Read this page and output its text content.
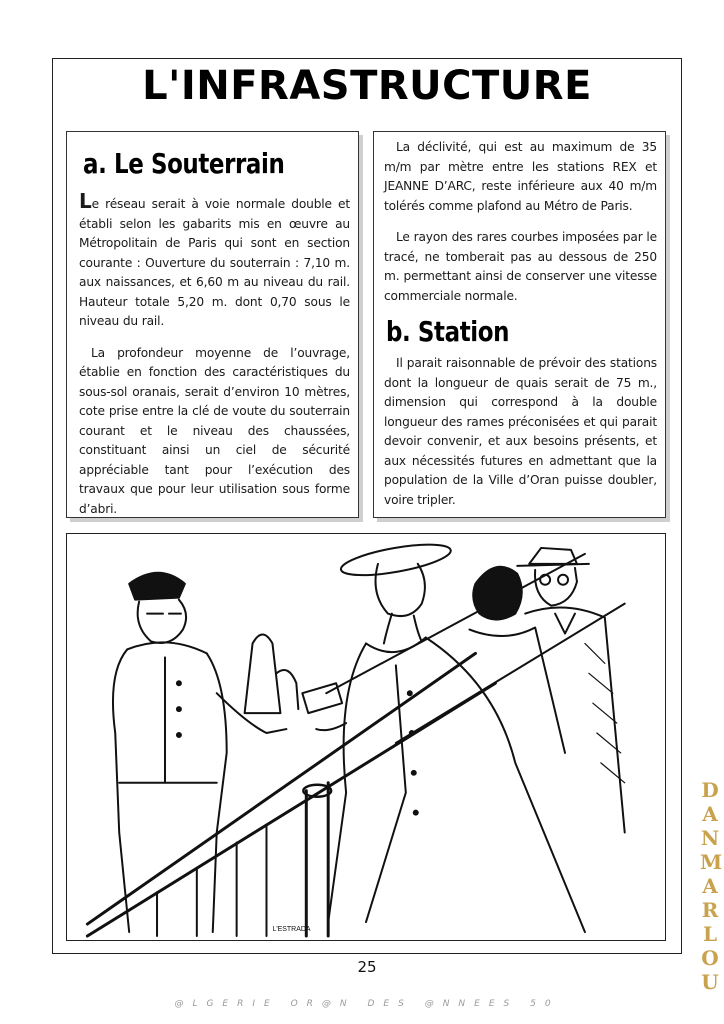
L'INFRASTRUCTURE
a. Le Souterrain

Le réseau serait à voie normale double et établi selon les gabarits mis en œuvre au Métropolitain de Paris qui sont en section courante : Ouverture du souterrain : 7,10 m. aux naissances, et 6,60 m au niveau du rail. Hauteur totale 5,20 m. dont 0,70 sous le niveau du rail.

La profondeur moyenne de l’ouvrage, établie en fonction des caractéristiques du sous-sol oranais, serait d’environ 10 mètres, cote prise entre la clé de voute du souterrain courant et le niveau des chaussées, constituant ainsi un ciel de sécurité appréciable tant pour l’exécution des travaux que pour leur utilisation sous forme d’abri.

La déclivité, qui est au maximum de 35 m/m par mètre entre les stations REX et JEANNE D’ARC, reste inférieure aux 40 m/m tolérés comme plafond au Métro de Paris.

Le rayon des rares courbes imposées par le tracé, ne tomberait pas au dessous de 250 m. permettant ainsi de conserver une vitesse commerciale normale.

b. Station

Il parait raisonnable de prévoir des stations dont la longueur de quais serait de 75 m., dimension qui correspond à la double longueur des rames préconisées et qui parait devoir convenir, et aux besoins présents, et aux nécessités futures en admettant que la population de la Ville d’Oran puisse doubler, voire tripler.

L'ESTRADA
25
@LGERIE OR@N DES @NNEES 50
D
A
N
M
A
R
L
O
U
